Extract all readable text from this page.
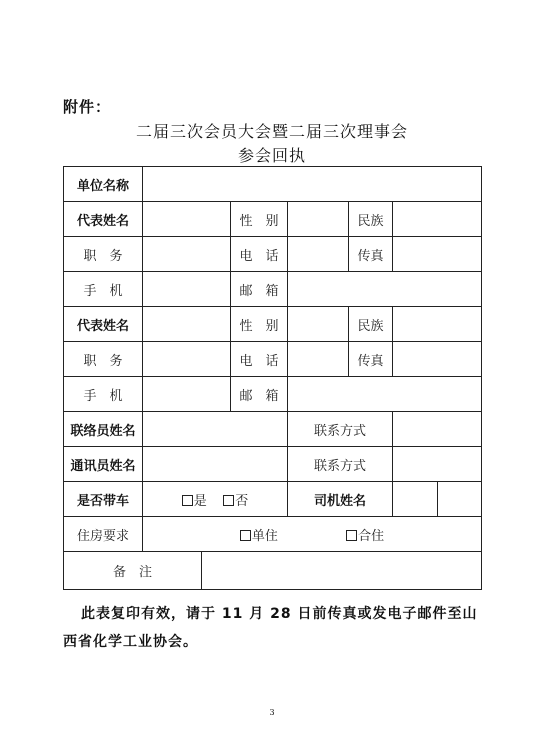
附件：
二届三次会员大会暨二届三次理事会
参会回执
单位名称							
代表姓名			性　别		民族		
职　务			电　话		传真		
手　机			邮　箱				
代表姓名			性　别		民族		
职　务			电　话		传真		
手　机			邮　箱				
联络员姓名				联系方式			
通讯员姓名				联系方式			
是否带车	是 否			司机姓名			
住房要求	单住 合住						
备　注							
此表复印有效，请于 11 月 28 日前传真或发电子邮件至山西省化学工业协会。
3
